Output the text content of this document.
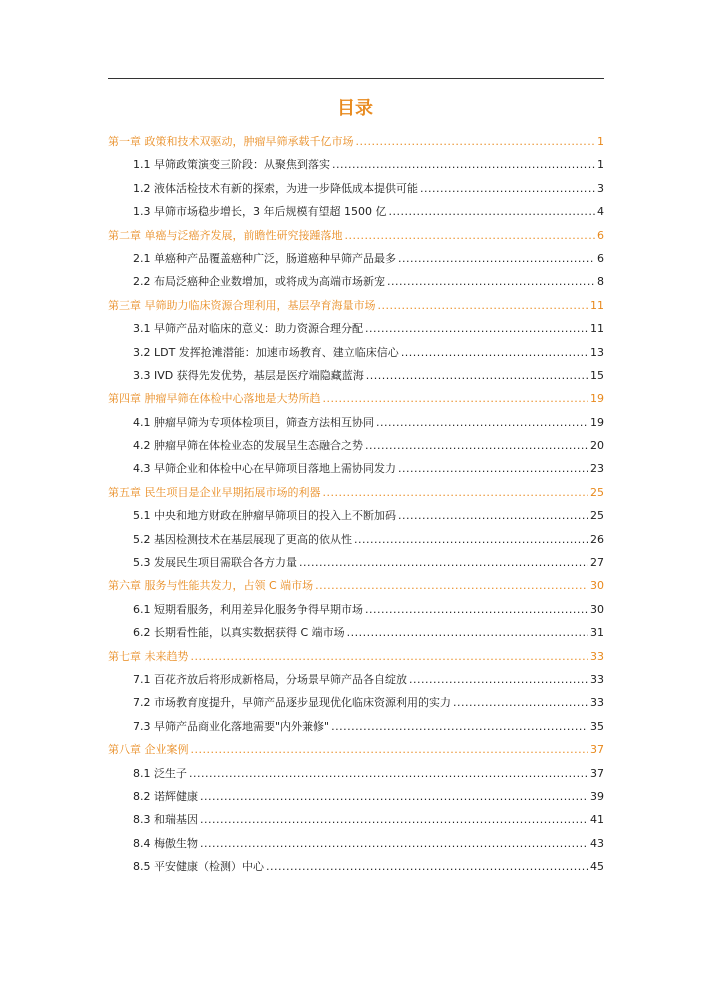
目录
第一章 政策和技术双驱动，肿瘤早筛承载千亿市场 .....	1
1.1 早筛政策演变三阶段：从聚焦到落实 .....	1
1.2 液体活检技术有新的探索，为进一步降低成本提供可能 .....	3
1.3 早筛市场稳步增长，3 年后规模有望超 1500 亿 .....	4
第二章 单癌与泛癌齐发展，前瞻性研究接踵落地 .....	6
2.1 单癌种产品覆盖癌种广泛，肠道癌种早筛产品最多 .....	6
2.2 布局泛癌种企业数增加，或将成为高端市场新宠 .....	8
第三章 早筛助力临床资源合理利用，基层孕育海量市场 .....	11
3.1 早筛产品对临床的意义：助力资源合理分配 .....	11
3.2 LDT 发挥抢滩潜能：加速市场教育、建立临床信心 .....	13
3.3 IVD 获得先发优势，基层是医疗端隐藏蓝海 .....	15
第四章 肿瘤早筛在体检中心落地是大势所趋 .....	19
4.1 肿瘤早筛为专项体检项目，筛查方法相互协同 .....	19
4.2 肿瘤早筛在体检业态的发展呈生态融合之势 .....	20
4.3 早筛企业和体检中心在早筛项目落地上需协同发力 .....	23
第五章 民生项目是企业早期拓展市场的利器 .....	25
5.1 中央和地方财政在肿瘤早筛项目的投入上不断加码 .....	25
5.2 基因检测技术在基层展现了更高的依从性 .....	26
5.3 发展民生项目需联合各方力量 .....	27
第六章 服务与性能共发力，占领 C 端市场 .....	30
6.1 短期看服务，利用差异化服务争得早期市场 .....	30
6.2 长期看性能，以真实数据获得 C 端市场 .....	31
第七章 未来趋势 .....	33
7.1 百花齐放后将形成新格局，分场景早筛产品各自绽放 .....	33
7.2 市场教育度提升，早筛产品逐步显现优化临床资源利用的实力 .....	33
7.3 早筛产品商业化落地需要"内外兼修" .....	35
第八章 企业案例 .....	37
8.1 泛生子 .....	37
8.2 诺辉健康 .....	39
8.3 和瑞基因 .....	41
8.4 梅傲生物 .....	43
8.5 平安健康（检测）中心 .....	45
